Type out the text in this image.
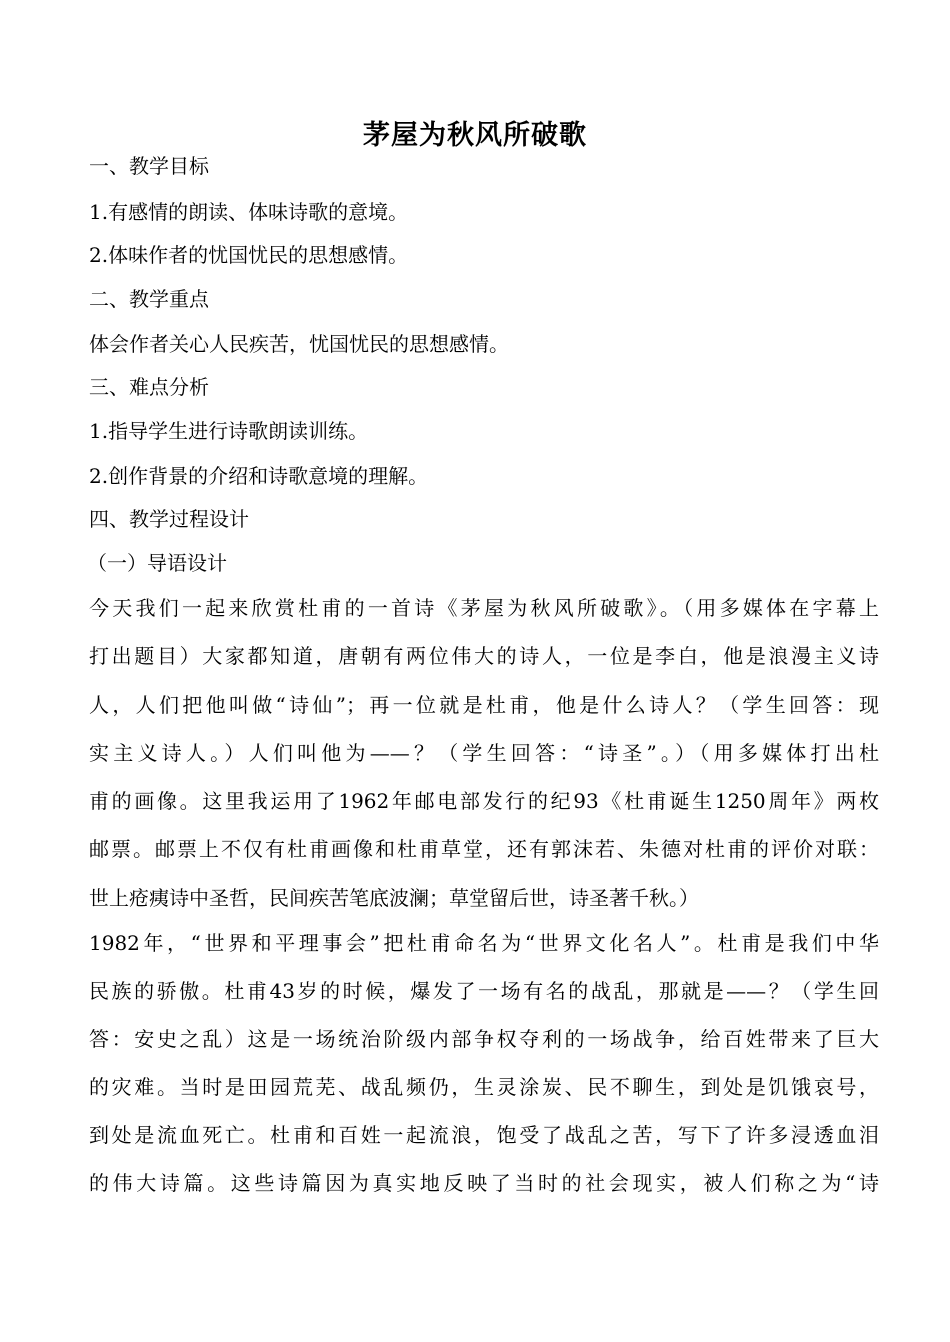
茅屋为秋风所破歌
一、教学目标
1.有感情的朗读、体味诗歌的意境。
2.体味作者的忧国忧民的思想感情。
二、教学重点
体会作者关心人民疾苦，忧国忧民的思想感情。
三、难点分析
1.指导学生进行诗歌朗读训练。
2.创作背景的介绍和诗歌意境的理解。
四、教学过程设计
（一）导语设计
今天我们一起来欣赏杜甫的一首诗《茅屋为秋风所破歌》。（用多媒体在字幕上
打出题目）大家都知道，唐朝有两位伟大的诗人，一位是李白，他是浪漫主义诗
人，人们把他叫做“诗仙”；再一位就是杜甫，他是什么诗人？（学生回答：现
实主义诗人。）人们叫他为——？（学生回答：“诗圣”。）（用多媒体打出杜
甫的画像。这里我运用了1962年邮电部发行的纪93《杜甫诞生1250周年》两枚
邮票。邮票上不仅有杜甫画像和杜甫草堂，还有郭沫若、朱德对杜甫的评价对联：
世上疮痍诗中圣哲，民间疾苦笔底波澜；草堂留后世，诗圣著千秋。）
1982年，“世界和平理事会”把杜甫命名为“世界文化名人”。杜甫是我们中华
民族的骄傲。杜甫43岁的时候，爆发了一场有名的战乱，那就是——？（学生回
答：安史之乱）这是一场统治阶级内部争权夺利的一场战争，给百姓带来了巨大
的灾难。当时是田园荒芜、战乱频仍，生灵涂炭、民不聊生，到处是饥饿哀号，
到处是流血死亡。杜甫和百姓一起流浪，饱受了战乱之苦，写下了许多浸透血泪
的伟大诗篇。这些诗篇因为真实地反映了当时的社会现实，被人们称之为“诗
